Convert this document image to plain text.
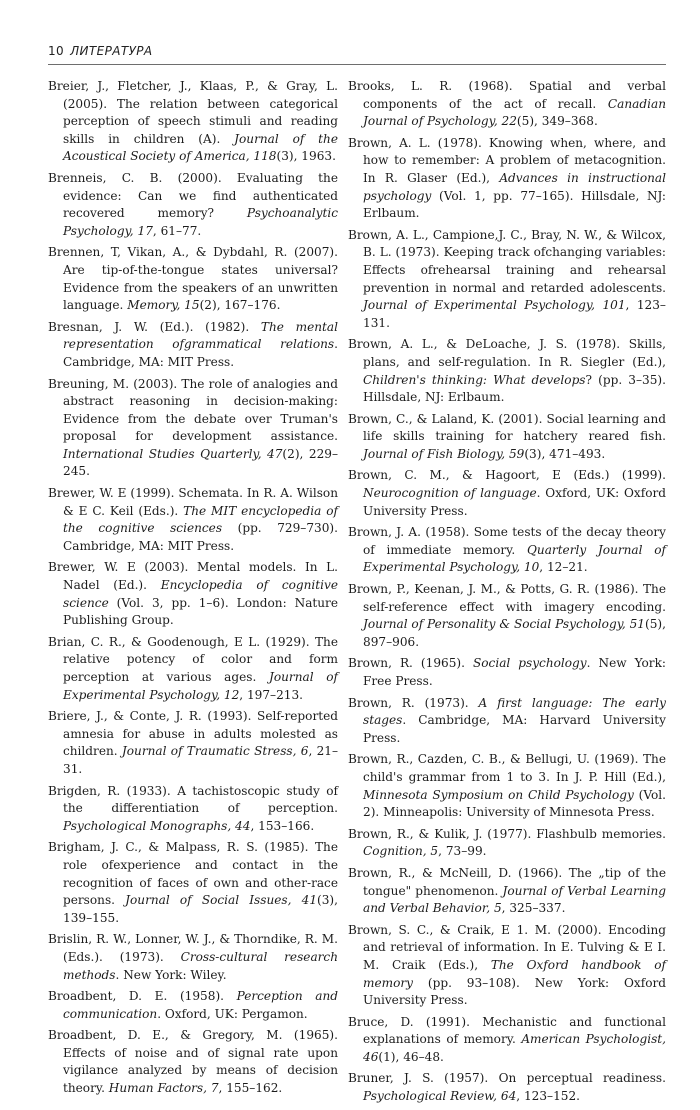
10 ЛИТЕРАТУРА

Breier, J., Fletcher, J., Klaas, P., & Gray, L. (2005). The relation between categorical perception of speech stimuli and reading skills in children (A). Journal of the Acoustical Society of America, 118(3), 1963.

Brenneis, C. B. (2000). Evaluating the evidence: Can we find authenticated recovered memory? Psychoanalytic Psychology, 17, 61–77.

Brennen, T, Vikan, A., & Dybdahl, R. (2007). Are tip-of-the-tongue states universal? Evidence from the speakers of an unwritten language. Memory, 15(2), 167–176.

Bresnan, J. W. (Ed.). (1982). The mental representation ofgrammatical relations. Cambridge, MA: MIT Press.

Breuning, M. (2003). The role of analogies and abstract reasoning in decision-making: Evidence from the debate over Truman's proposal for development assistance. International Studies Quarterly, 47(2), 229–245.

Brewer, W. E (1999). Schemata. In R. A. Wilson & E C. Keil (Eds.). The MIT encyclopedia of the cognitive sciences (pp. 729–730). Cambridge, MA: MIT Press.

Brewer, W. E (2003). Mental models. In L. Nadel (Ed.). Encyclopedia of cognitive science (Vol. 3, pp. 1–6). London: Nature Publishing Group.

Brian, C. R., & Goodenough, E L. (1929). The relative potency of color and form perception at various ages. Journal of Experimental Psychology, 12, 197–213.

Briere, J., & Conte, J. R. (1993). Self-reported amnesia for abuse in adults molested as children. Journal of Traumatic Stress, 6, 21–31.

Brigden, R. (1933). A tachistoscopic study of the differentiation of perception. Psychological Monographs, 44, 153–166.

Brigham, J. C., & Malpass, R. S. (1985). The role ofexperience and contact in the recognition of faces of own and other-race persons. Journal of Social Issues, 41(3), 139–155.

Brislin, R. W., Lonner, W. J., & Thorndike, R. M. (Eds.). (1973). Cross-cultural research methods. New York: Wiley.

Broadbent, D. E. (1958). Perception and communication. Oxford, UK: Pergamon.

Broadbent, D. E., & Gregory, M. (1965). Effects of noise and of signal rate upon vigilance analyzed by means of decision theory. Human Factors, 7, 155–162.

Brooks, L. R. (1968). Spatial and verbal components of the act of recall. Canadian Journal of Psychology, 22(5), 349–368.

Brown, A. L. (1978). Knowing when, where, and how to remember: A problem of metacognition. In R. Glaser (Ed.), Advances in instructional psychology (Vol. 1, pp. 77–165). Hillsdale, NJ: Erlbaum.

Brown, A. L., Campione,J. C., Bray, N. W., & Wilcox, B. L. (1973). Keeping track ofchanging variables: Effects ofrehearsal training and rehearsal prevention in normal and retarded adolescents. Journal of Experimental Psychology, 101, 123–131.

Brown, A. L., & DeLoache, J. S. (1978). Skills, plans, and self-regulation. In R. Siegler (Ed.), Children's thinking: What develops? (pp. 3–35). Hillsdale, NJ: Erlbaum.

Brown, C., & Laland, K. (2001). Social learning and life skills training for hatchery reared fish. Journal of Fish Biology, 59(3), 471–493.

Brown, C. M., & Hagoort, E (Eds.) (1999). Neurocognition of language. Oxford, UK: Oxford University Press.

Brown, J. A. (1958). Some tests of the decay theory of immediate memory. Quarterly Journal of Experimental Psychology, 10, 12–21.

Brown, P., Keenan, J. M., & Potts, G. R. (1986). The self-reference effect with imagery encoding. Journal of Personality & Social Psychology, 51(5), 897–906.

Brown, R. (1965). Social psychology. New York: Free Press.

Brown, R. (1973). A first language: The early stages. Cambridge, MA: Harvard University Press.

Brown, R., Cazden, C. B., & Bellugi, U. (1969). The child's grammar from 1 to 3. In J. P. Hill (Ed.), Minnesota Symposium on Child Psychology (Vol. 2). Minneapolis: University of Minnesota Press.

Brown, R., & Kulik, J. (1977). Flashbulb memories. Cognition, 5, 73–99.

Brown, R., & McNeill, D. (1966). The „tip of the tongue" phenomenon. Journal of Verbal Learning and Verbal Behavior, 5, 325–337.

Brown, S. C., & Craik, E 1. M. (2000). Encoding and retrieval of information. In E. Tulving & E I. M. Craik (Eds.), The Oxford handbook of memory (pp. 93–108). New York: Oxford University Press.

Bruce, D. (1991). Mechanistic and functional explanations of memory. American Psychologist, 46(1), 46–48.

Bruner, J. S. (1957). On perceptual readiness. Psychological Review, 64, 123–152.
